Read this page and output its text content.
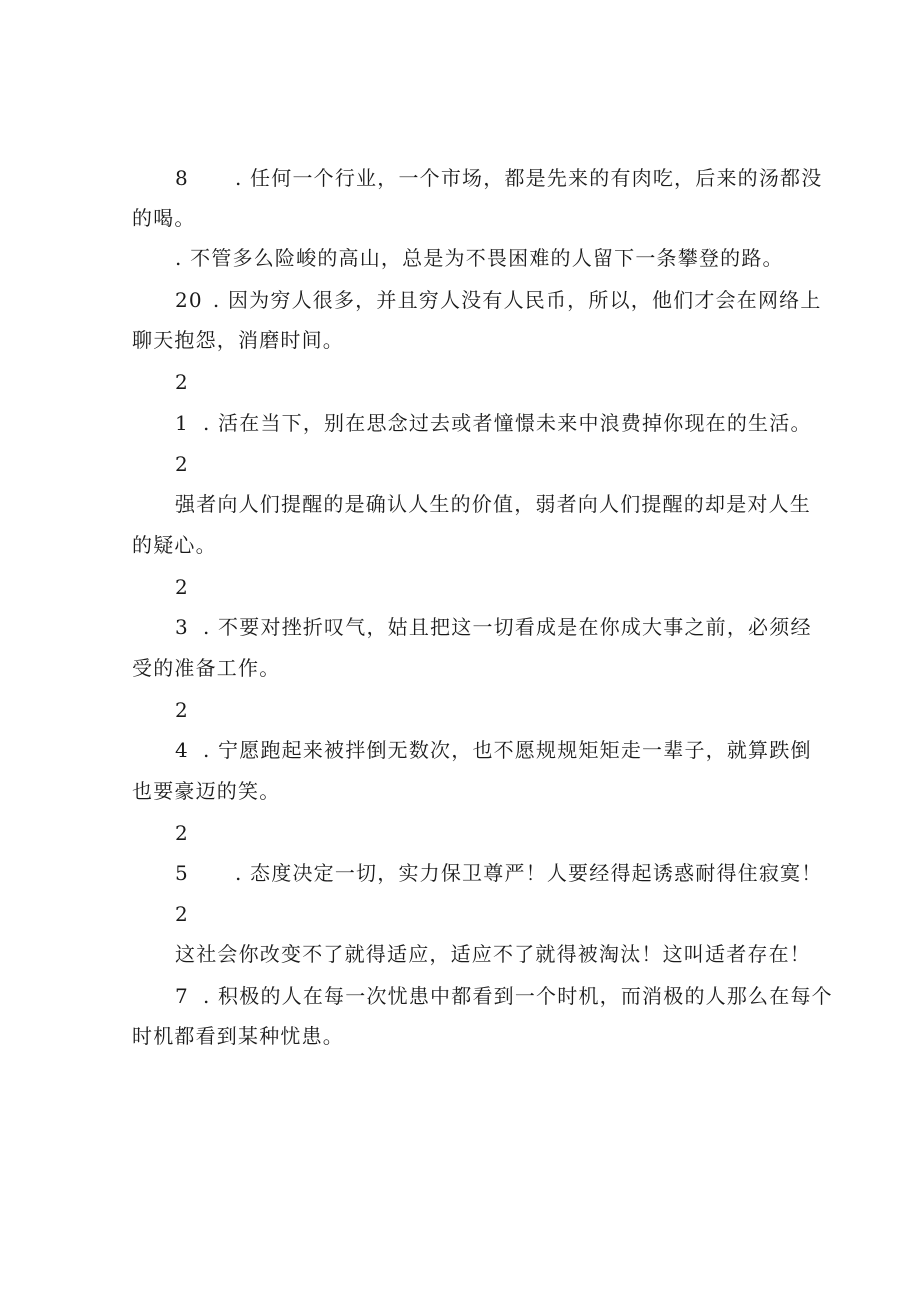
8 . 任何一个行业，一个市场，都是先来的有肉吃，后来的汤都没
的喝。
. 不管多么险峻的高山，总是为不畏困难的人留下一条攀登的路。
20 . 因为穷人很多，并且穷人没有人民币，所以，他们才会在网络上
聊天抱怨，消磨时间。
2
1 . 活在当下，别在思念过去或者憧憬未来中浪费掉你现在的生活。
2
强者向人们提醒的是确认人生的价值，弱者向人们提醒的却是对人生
的疑心。
2
3 . 不要对挫折叹气，姑且把这一切看成是在你成大事之前，必须经
受的准备工作。
2
4 . 宁愿跑起来被拌倒无数次，也不愿规规矩矩走一辈子，就算跌倒
也要豪迈的笑。
2
5 . 态度决定一切，实力保卫尊严！人要经得起诱惑耐得住寂寞！
2
这社会你改变不了就得适应，适应不了就得被淘汰！这叫适者存在！
7 . 积极的人在每一次忧患中都看到一个时机，而消极的人那么在每个
时机都看到某种忧患。
